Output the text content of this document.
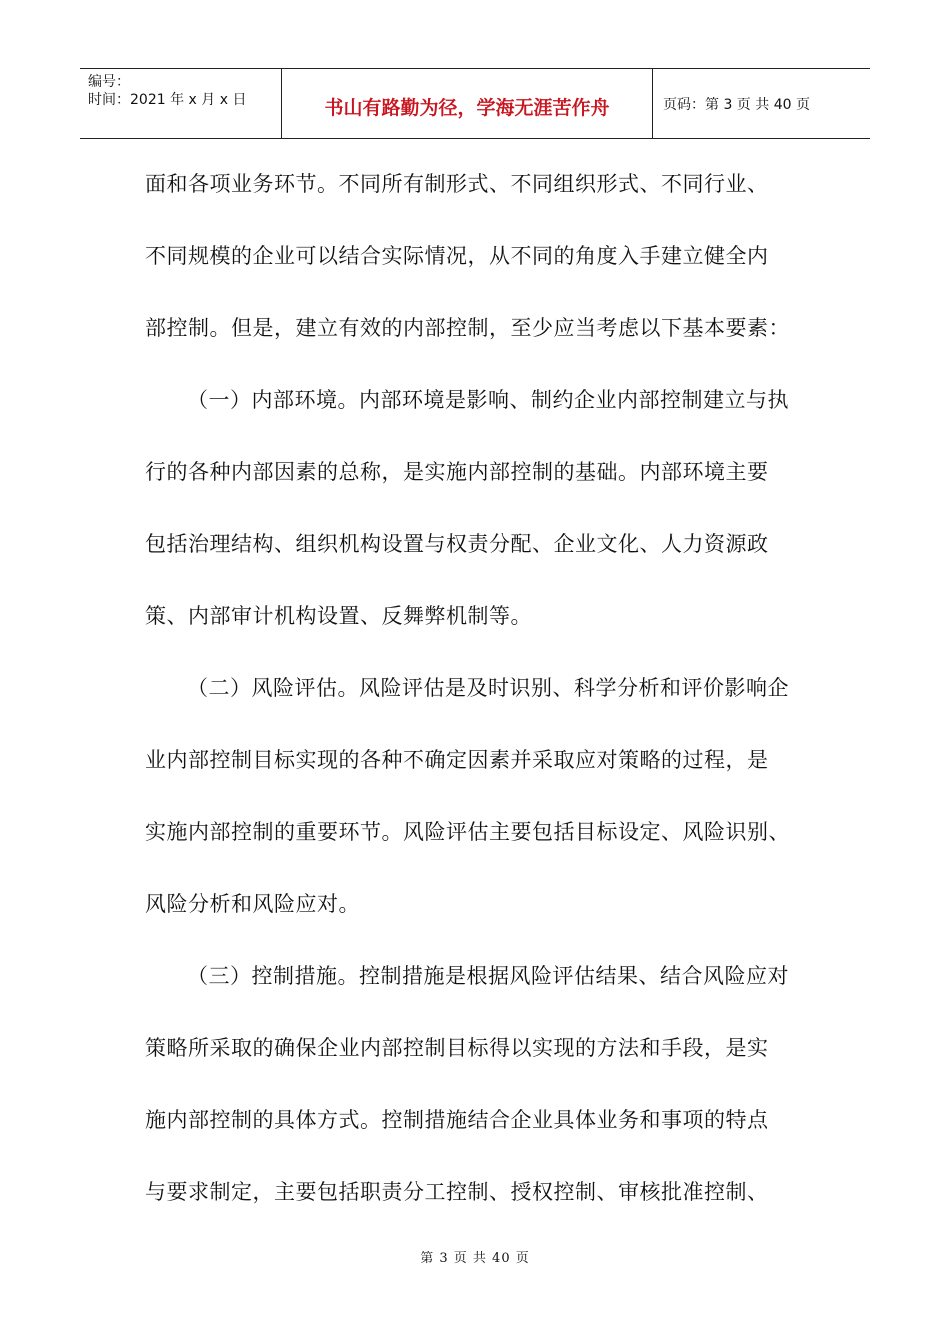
编号：
时间：2021 年 x 月 x 日	书山有路勤为径，学海无涯苦作舟	页码：第 3 页 共 40 页
面和各项业务环节。不同所有制形式、不同组织形式、不同行业、
不同规模的企业可以结合实际情况，从不同的角度入手建立健全内
部控制。但是，建立有效的内部控制，至少应当考虑以下基本要素：
（一）内部环境。内部环境是影响、制约企业内部控制建立与执
行的各种内部因素的总称，是实施内部控制的基础。内部环境主要
包括治理结构、组织机构设置与权责分配、企业文化、人力资源政
策、内部审计机构设置、反舞弊机制等。
（二）风险评估。风险评估是及时识别、科学分析和评价影响企
业内部控制目标实现的各种不确定因素并采取应对策略的过程，是
实施内部控制的重要环节。风险评估主要包括目标设定、风险识别、
风险分析和风险应对。
（三）控制措施。控制措施是根据风险评估结果、结合风险应对
策略所采取的确保企业内部控制目标得以实现的方法和手段，是实
施内部控制的具体方式。控制措施结合企业具体业务和事项的特点
与要求制定，主要包括职责分工控制、授权控制、审核批准控制、
第 3 页 共 40 页
